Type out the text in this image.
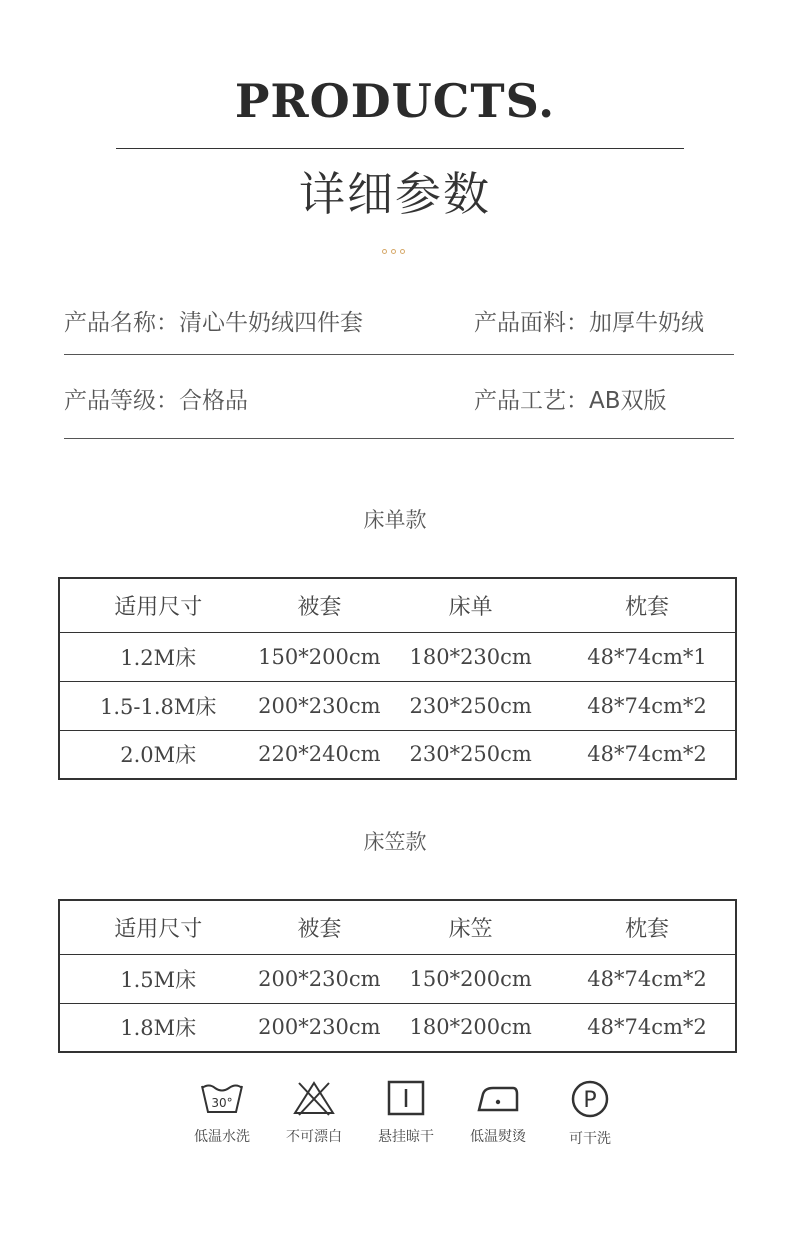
PRODUCTS.
详细参数
产品名称：清心牛奶绒四件套	产品面料：加厚牛奶绒
产品等级：合格品	产品工艺：AB双版
床单款
适用尺寸	被套	床单	枕套
1.2M床	150*200cm	180*230cm	48*74cm*1
1.5-1.8M床	200*230cm	230*250cm	48*74cm*2
2.0M床	220*240cm	230*250cm	48*74cm*2
床笠款
适用尺寸	被套	床笠	枕套
1.5M床	200*230cm	150*200cm	48*74cm*2
1.8M床	200*230cm	180*200cm	48*74cm*2
30°
低温水洗	不可漂白	悬挂晾干	低温熨烫
P
可干洗
